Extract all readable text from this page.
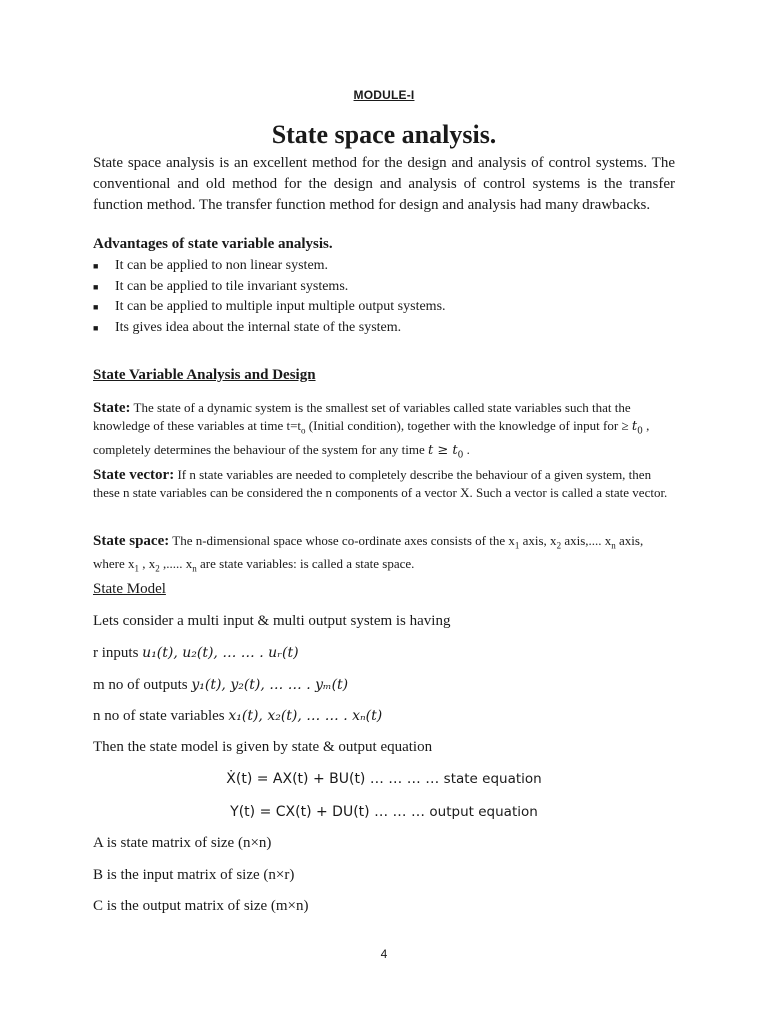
MODULE-I
State space analysis.

State space analysis is an excellent method for the design and analysis of control systems. The conventional and old method for the design and analysis of control systems is the transfer function method. The transfer function method for design and analysis had many drawbacks.

Advantages of state variable analysis.

■ It can be applied to non linear system.
■ It can be applied to tile invariant systems.
■ It can be applied to multiple input multiple output systems.
■ Its gives idea about the internal state of the system.

State Variable Analysis and Design

State: The state of a dynamic system is the smallest set of variables called state variables such that the knowledge of these variables at time $t=t_o$ (Initial condition), together with the knowledge of input for ≥ $t_0$ , completely determines the behaviour of the system for any time $t \ge t_0$ .

State vector: If n state variables are needed to completely describe the behaviour of a given system, then these n state variables can be considered the n components of a vector X. Such a vector is called a state vector.

State space: The n-dimensional space whose co-ordinate axes consists of the $x_1$ axis, $x_2$ axis,.... $x_n$ axis, where $x_1$ , $x_2$ ,..... $x_n$ are state variables: is called a state space.

State Model

Lets consider a multi input & multi output system is having

r inputs u₁(t), u₂(t), … … . uᵣ(t)

m no of outputs y₁(t), y₂(t), … … . yₘ(t)

n no of state variables x₁(t), x₂(t), … … . xₙ(t)

Then the state model is given by state & output equation

Ẋ(t) = AX(t) + BU(t) … … … … state equation

Y(t) = CX(t) + DU(t) … … … output equation

A is state matrix of size (n×n)

B is the input matrix of size (n×r)

C is the output matrix of size (m×n)

4
